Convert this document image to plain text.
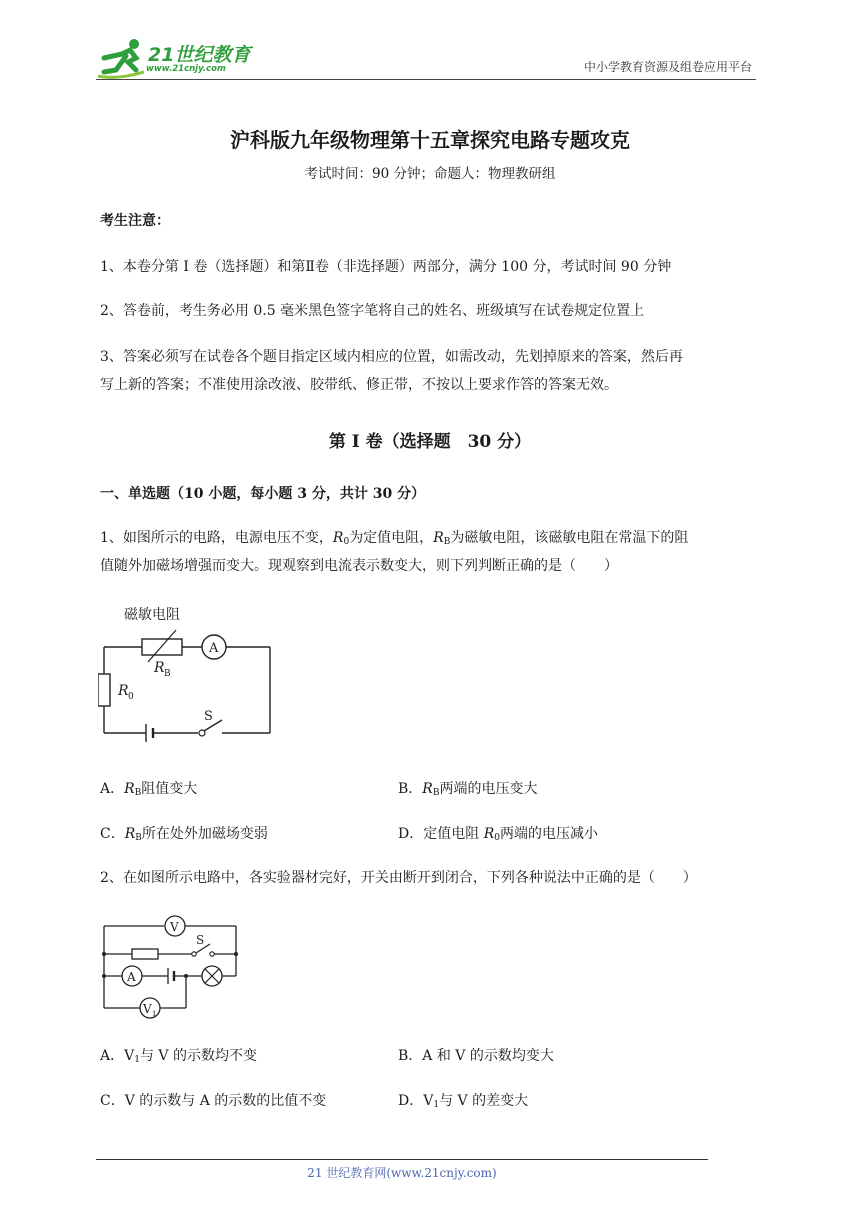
21世纪教育
www.21cnjy.com	中小学教育资源及组卷应用平台
沪科版九年级物理第十五章探究电路专题攻克
考试时间：90 分钟；命题人：物理教研组
考生注意：
1、本卷分第 I 卷（选择题）和第Ⅱ卷（非选择题）两部分，满分 100 分，考试时间 90 分钟
2、答卷前，考生务必用 0.5 毫米黑色签字笔将自己的姓名、班级填写在试卷规定位置上
3、答案必须写在试卷各个题目指定区域内相应的位置，如需改动，先划掉原来的答案，然后再
写上新的答案；不准使用涂改液、胶带纸、修正带，不按以上要求作答的答案无效。
第 I 卷（选择题　30 分）
一、单选题（10 小题，每小题 3 分，共计 30 分）
1、如图所示的电路，电源电压不变，$R_0$为定值电阻，$R_B$为磁敏电阻，该磁敏电阻在常温下的阻
值随外加磁场增强而变大。现观察到电流表示数变大，则下列判断正确的是（　　）
磁敏电阻
A
R B
R 0
S
A．$R_B$阻值变大	B．$R_B$两端的电压变大
C．$R_B$所在处外加磁场变弱	D．定值电阻 $R_0$两端的电压减小
2、在如图所示电路中，各实验器材完好，开关由断开到闭合，下列各种说法中正确的是（　　）
V
S
A
V 1
A．$V_1$与 V 的示数均不变	B．A 和 V 的示数均变大
C．V 的示数与 A 的示数的比值不变	D．$V_1$与 V 的差变大
21 世纪教育网(www.21cnjy.com)
